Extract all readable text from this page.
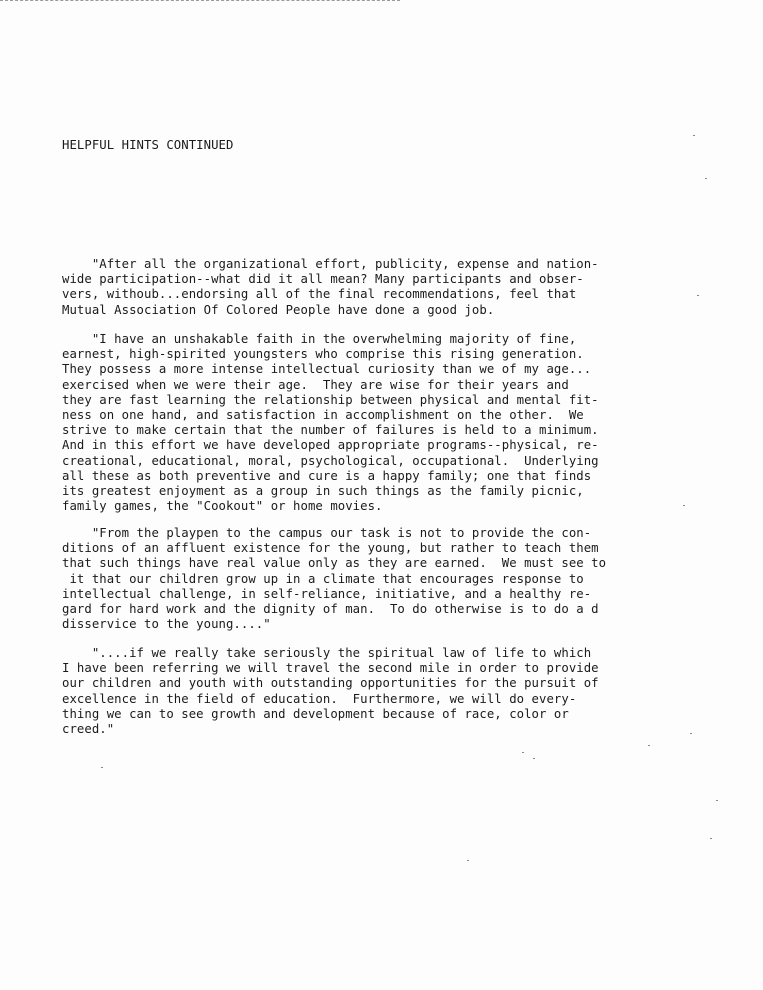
HELPFUL HINTS CONTINUED
"After all the organizational effort, publicity, expense and nation-
wide participation--what did it all mean? Many participants and obser-
vers, withoub...endorsing all of the final recommendations, feel that
Mutual Association Of Colored People have done a good job.
"I have an unshakable faith in the overwhelming majority of fine,
earnest, high-spirited youngsters who comprise this rising generation.
They possess a more intense intellectual curiosity than we of my age...
exercised when we were their age.  They are wise for their years and
they are fast learning the relationship between physical and mental fit-
ness on one hand, and satisfaction in accomplishment on the other.  We
strive to make certain that the number of failures is held to a minimum.
And in this effort we have developed appropriate programs--physical, re-
creational, educational, moral, psychological, occupational.  Underlying
all these as both preventive and cure is a happy family; one that finds
its greatest enjoyment as a group in such things as the family picnic,
family games, the "Cookout" or home movies.
"From the playpen to the campus our task is not to provide the con-
ditions of an affluent existence for the young, but rather to teach them
that such things have real value only as they are earned.  We must see to
it that our children grow up in a climate that encourages response to
intellectual challenge, in self-reliance, initiative, and a healthy re-
gard for hard work and the dignity of man.  To do otherwise is to do a d
disservice to the young...."
"....if we really take seriously the spiritual law of life to which
I have been referring we will travel the second mile in order to provide
our children and youth with outstanding opportunities for the pursuit of
excellence in the field of education.  Furthermore, we will do every-
thing we can to see growth and development because of race, color or
creed."
